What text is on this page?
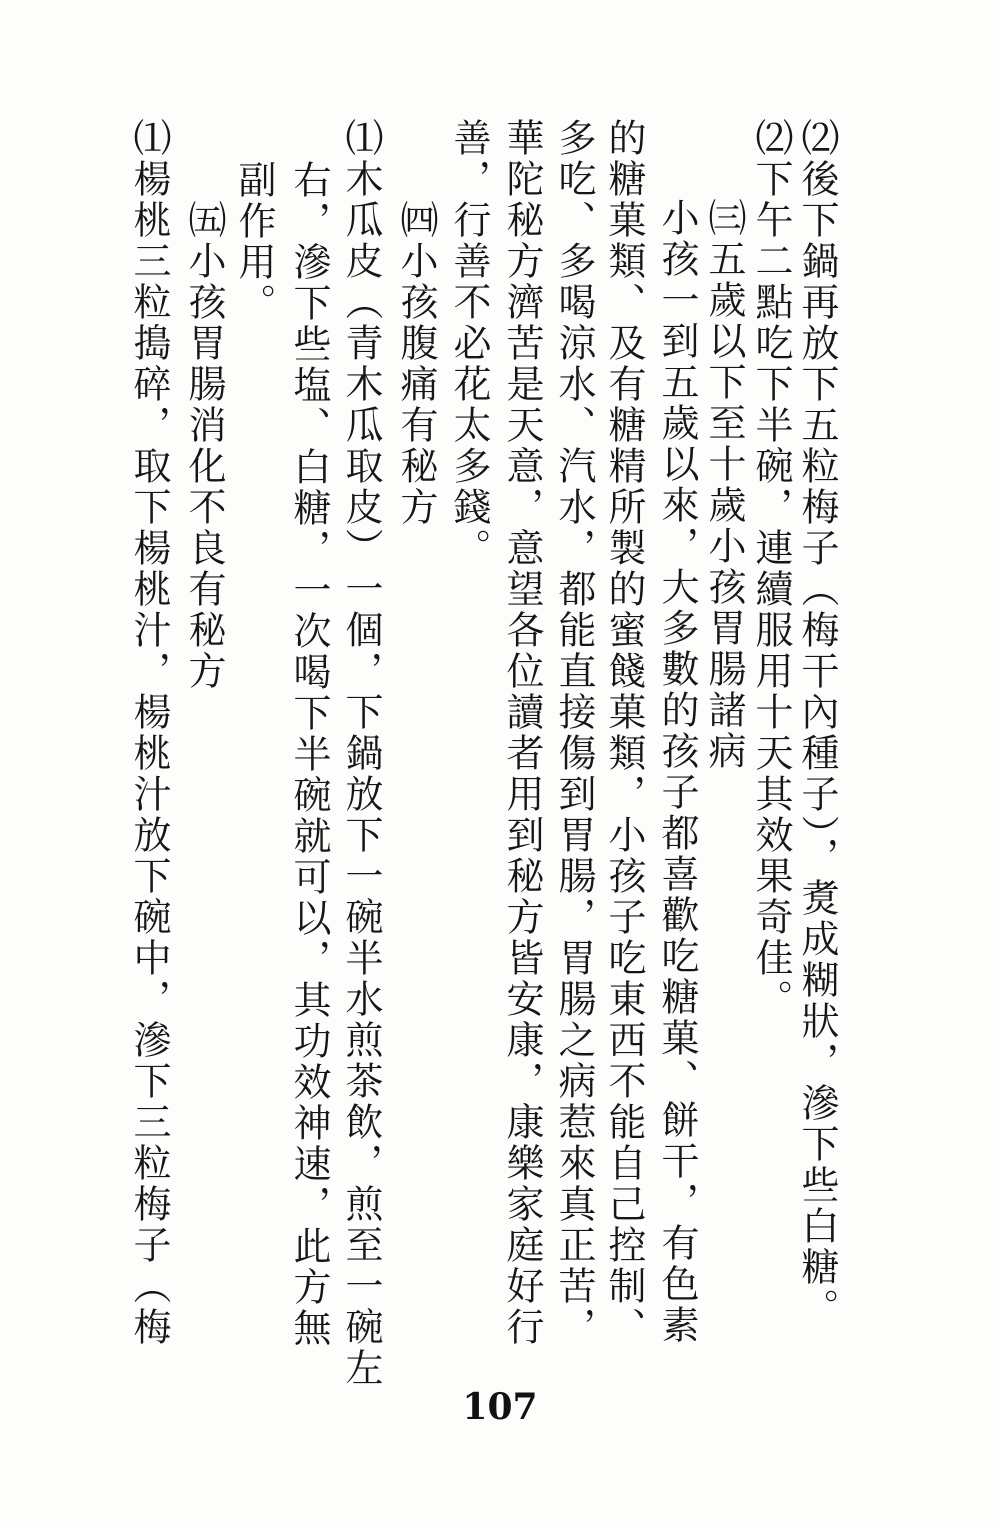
⑵後下鍋再放下五粒梅子（梅干內種子），煑成糊狀，滲下些白糖。
⑵下午二點吃下半碗，連續服用十天其效果奇佳。
㈢五歲以下至十歲小孩胃腸諸病
小孩一到五歲以來，大多數的孩子都喜歡吃糖菓、餅干，有色素
的糖菓類、及有糖精所製的蜜餞菓類，小孩子吃東西不能自己控制、
多吃、多喝涼水、汽水，都能直接傷到胃腸，胃腸之病惹來真正苦，
華陀秘方濟苦是天意，意望各位讀者用到秘方皆安康，康樂家庭好行
善，行善不必花太多錢。
㈣小孩腹痛有秘方
⑴木瓜皮（青木瓜取皮）一個，下鍋放下一碗半水煎茶飲，煎至一碗左
右，滲下些塩、白糖，一次喝下半碗就可以，其功效神速，此方無
副作用。
㈤小孩胃腸消化不良有秘方
⑴楊桃三粒搗碎，取下楊桃汁，楊桃汁放下碗中，滲下三粒梅子（梅
107
